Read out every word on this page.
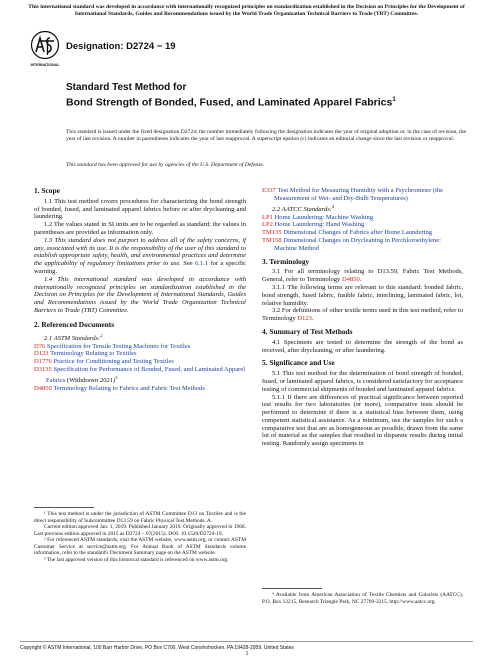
This international standard was developed in accordance with internationally recognized principles on standardization established in the Decision on Principles for the Development of International Standards, Guides and Recommendations issued by the World Trade Organization Technical Barriers to Trade (TBT) Committee.
INTERNATIONAL
Designation: D2724 − 19
Standard Test Method for
Bond Strength of Bonded, Fused, and Laminated Apparel Fabrics$^1$
This standard is issued under the fixed designation D2724; the number immediately following the designation indicates the year of original adoption or, in the case of revision, the year of last revision. A number in parentheses indicates the year of last reapproval. A superscript epsilon (ε) indicates an editorial change since the last revision or reapproval.
This standard has been approved for use by agencies of the U.S. Department of Defense.
1. Scope

1.1 This test method covers procedures for characterizing the bond strength of bonded, fused, and laminated apparel fabrics before or after drycleaning and laundering.

1.2 The values stated in SI units are to be regarded as standard; the values in parentheses are provided as information only.

1.3 This standard does not purport to address all of the safety concerns, if any, associated with its use. It is the responsibility of the user of this standard to establish appropriate safety, health, and environmental practices and determine the applicability of regulatory limitations prior to use. See 6.1.1 for a specific warning.

1.4 This international standard was developed in accordance with internationally recognized principles on standardization established in the Decision on Principles for the Development of International Standards, Guides and Recommendations issued by the World Trade Organization Technical Barriers to Trade (TBT) Committee.

2. Referenced Documents

2.1 ASTM Standards:$^2$

D76 Specification for Tensile Testing Machines for Textiles
D123 Terminology Relating to Textiles
D1776 Practice for Conditioning and Testing Textiles
D3135 Specification for Performance of Bonded, Fused, and Laminated Apparel Fabrics (Withdrawn 2021)$^3$
D4850 Terminology Relating to Fabrics and Fabric Test Methods

¹ This test method is under the jurisdiction of ASTM Committee D13 on Textiles and is the direct responsibility of Subcommittee D13.59 on Fabric Physical Test Methods. A.

Current edition approved Jan. 1, 2019. Published January 2019. Originally approved in 1968. Last previous edition approved in 2015 as D2724 – 07(2015). DOI: 10.1520/D2724-19.

² For referenced ASTM standards, visit the ASTM website, www.astm.org, or contact ASTM Customer Service at service@astm.org. For Annual Book of ASTM Standards volume information, refer to the standard's Document Summary page on the ASTM website.

³ The last approved version of this historical standard is referenced on www.astm.org.

E337 Test Method for Measuring Humidity with a Psychrometer (the Measurement of Wet- and Dry-Bulb Temperatures)

2.2 AATCC Standards:$^4$

LP1 Home Laundering: Machine Washing
LP2 Home Laundering: Hand Washing
TM135 Dimensional Changes of Fabrics after Home Laundering
TM158 Dimensional Changes on Drycleaning in Perchloroethylene: Machine Method
3. Terminology

3.1 For all terminology relating to D13.59, Fabric Test Methods, General, refer to Terminology D4850.

3.1.1 The following terms are relevant to this standard: bonded fabric, bond strength, fused fabric, fusible fabric, interlining, laminated fabric, lot, relative humidity.

3.2 For definitions of other textile terms used in this test method, refer to Terminology D123.

4. Summary of Test Methods

4.1 Specimens are tested to determine the strength of the bond as received, after drycleaning, or after laundering.

5. Significance and Use

5.1 This test method for the determination of bond strength of bonded, fused, or laminated apparel fabrics, is considered satisfactory for acceptance testing of commercial shipments of bonded and laminated apparel fabrics.

5.1.1 If there are differences of practical significance between reported test results for two laboratories (or more), comparative tests should be performed to determine if there is a statistical bias between them, using competent statistical assistance. As a minimum, use the samples for such a comparative test that are as homogeneous as possible, drawn from the same lot of material as the samples that resulted in disparate results during initial testing. Randomly assign specimens in

⁴ Available from American Association of Textile Chemists and Colorists (AATCC), P.O. Box 12215, Research Triangle Park, NC 27709-2215, http://www.aatcc.org.

Copyright © ASTM International, 100 Barr Harbor Drive, PO Box C700, West Conshohocken, PA 19428-2959. United States
1
